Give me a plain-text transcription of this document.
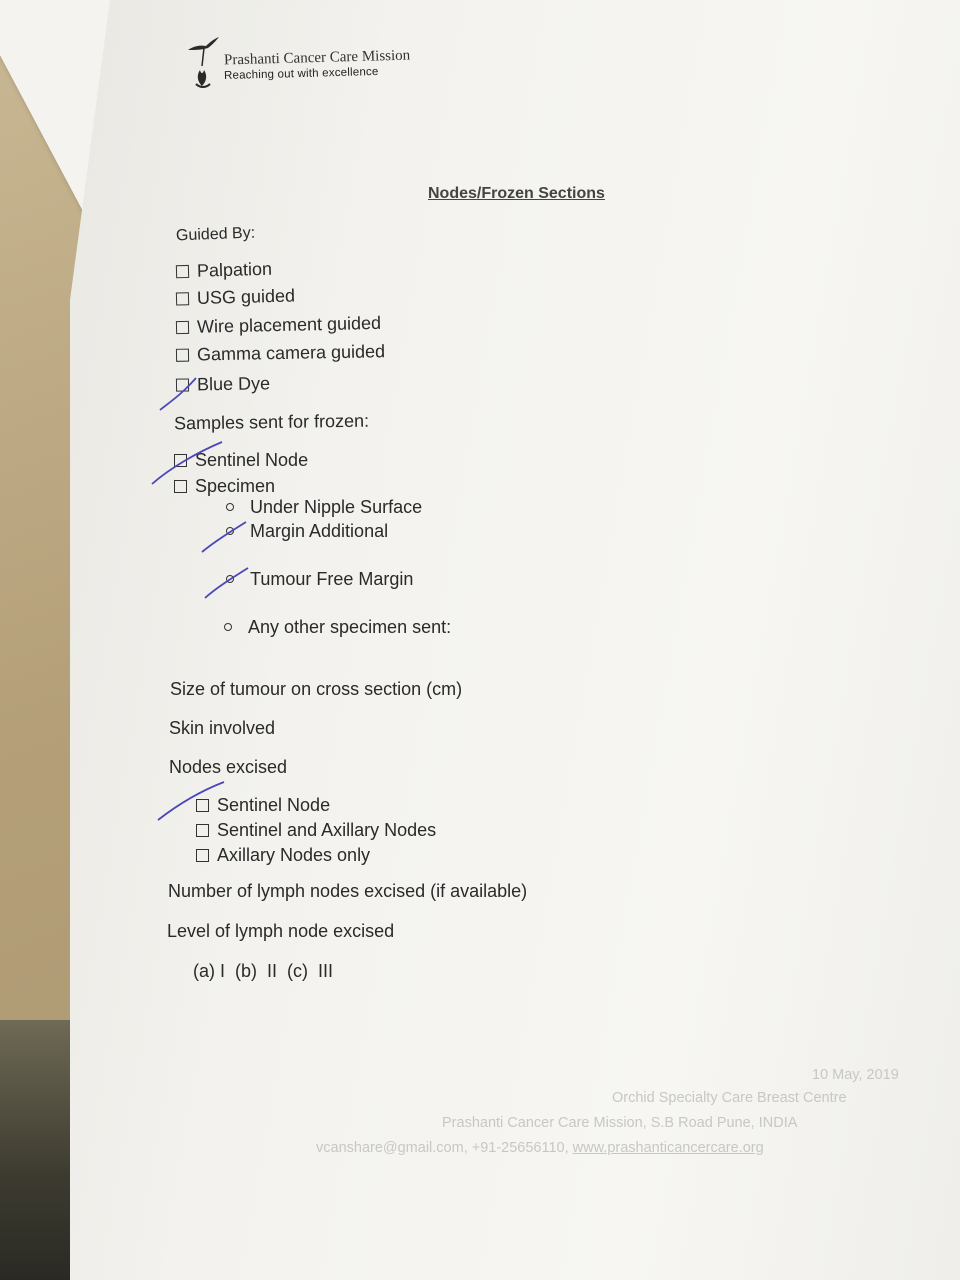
Prashanti Cancer Care Mission
Reaching out with excellence
Nodes/Frozen Sections
Guided By:
Palpation
USG guided
Wire placement guided
Gamma camera guided
Blue Dye
Samples sent for frozen:
Sentinel Node
Specimen
Under Nipple Surface
Margin Additional
Tumour Free Margin
Any other specimen sent:
Size of tumour on cross section (cm)
Skin involved
Nodes excised
Sentinel Node
Sentinel and Axillary Nodes
Axillary Nodes only
Number of lymph nodes excised (if available)
Level of lymph node excised
(a) I  (b)  II  (c)  III
10 May, 2019
Orchid Specialty Care Breast Centre
Prashanti Cancer Care Mission, S.B Road Pune, INDIA
vcanshare@gmail.com, +91-25656110, www.prashanticancercare.org
